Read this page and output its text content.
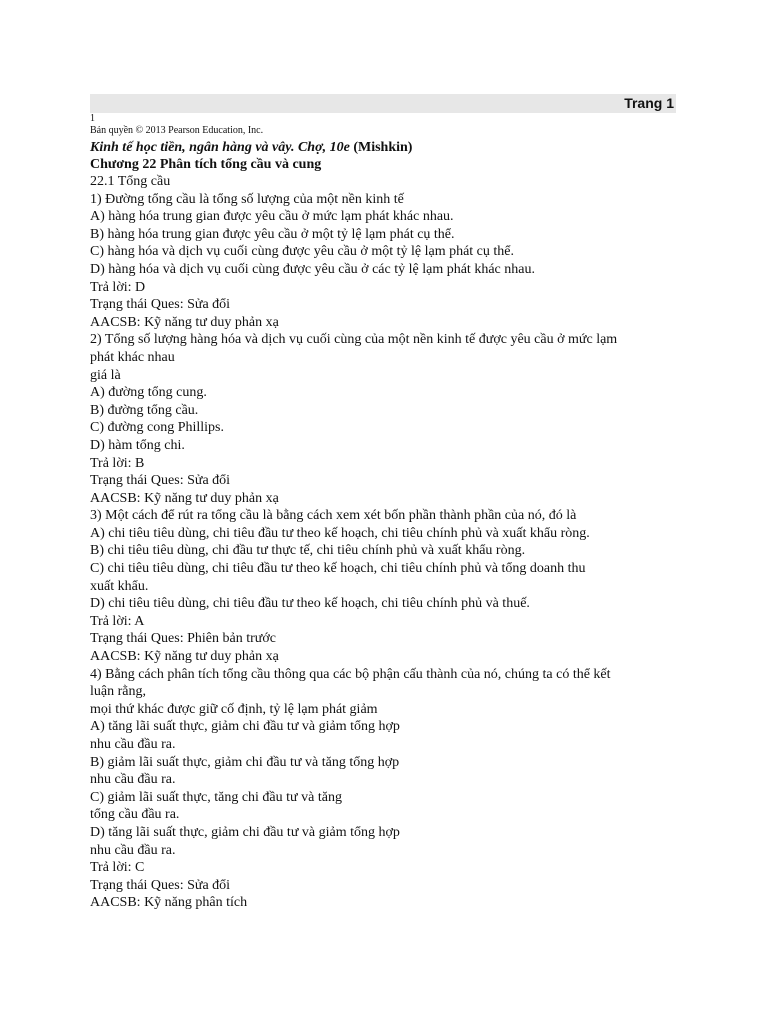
Trang 1
1
Bản quyền © 2013 Pearson Education, Inc.
Kinh tế học tiền, ngân hàng và vây. Chợ, 10e (Mishkin)
Chương 22 Phân tích tổng cầu và cung
22.1 Tổng cầu
1) Đường tổng cầu là tổng số lượng của một nền kinh tế
A) hàng hóa trung gian được yêu cầu ở mức lạm phát khác nhau.
B) hàng hóa trung gian được yêu cầu ở một tỷ lệ lạm phát cụ thể.
C) hàng hóa và dịch vụ cuối cùng được yêu cầu ở một tỷ lệ lạm phát cụ thể.
D) hàng hóa và dịch vụ cuối cùng được yêu cầu ở các tỷ lệ lạm phát khác nhau.
Trả lời: D
Trạng thái Ques: Sửa đổi
AACSB: Kỹ năng tư duy phản xạ
2) Tổng số lượng hàng hóa và dịch vụ cuối cùng của một nền kinh tế được yêu cầu ở mức lạm
phát khác nhau
giá là
A) đường tổng cung.
B) đường tổng cầu.
C) đường cong Phillips.
D) hàm tổng chi.
Trả lời: B
Trạng thái Ques: Sửa đổi
AACSB: Kỹ năng tư duy phản xạ
3) Một cách để rút ra tổng cầu là bằng cách xem xét bốn phần thành phần của nó, đó là
A) chi tiêu tiêu dùng, chi tiêu đầu tư theo kế hoạch, chi tiêu chính phủ và xuất khẩu ròng.
B) chi tiêu tiêu dùng, chi đầu tư thực tế, chi tiêu chính phủ và xuất khẩu ròng.
C) chi tiêu tiêu dùng, chi tiêu đầu tư theo kế hoạch, chi tiêu chính phủ và tổng doanh thu
xuất khẩu.
D) chi tiêu tiêu dùng, chi tiêu đầu tư theo kế hoạch, chi tiêu chính phủ và thuế.
Trả lời: A
Trạng thái Ques: Phiên bản trước
AACSB: Kỹ năng tư duy phản xạ
4) Bằng cách phân tích tổng cầu thông qua các bộ phận cấu thành của nó, chúng ta có thể kết
luận rằng,
mọi thứ khác được giữ cố định, tỷ lệ lạm phát giảm
A) tăng lãi suất thực, giảm chi đầu tư và giảm tổng hợp
nhu cầu đầu ra.
B) giảm lãi suất thực, giảm chi đầu tư và tăng tổng hợp
nhu cầu đầu ra.
C) giảm lãi suất thực, tăng chi đầu tư và tăng
tổng cầu đầu ra.
D) tăng lãi suất thực, giảm chi đầu tư và giảm tổng hợp
nhu cầu đầu ra.
Trả lời: C
Trạng thái Ques: Sửa đổi
AACSB: Kỹ năng phân tích
